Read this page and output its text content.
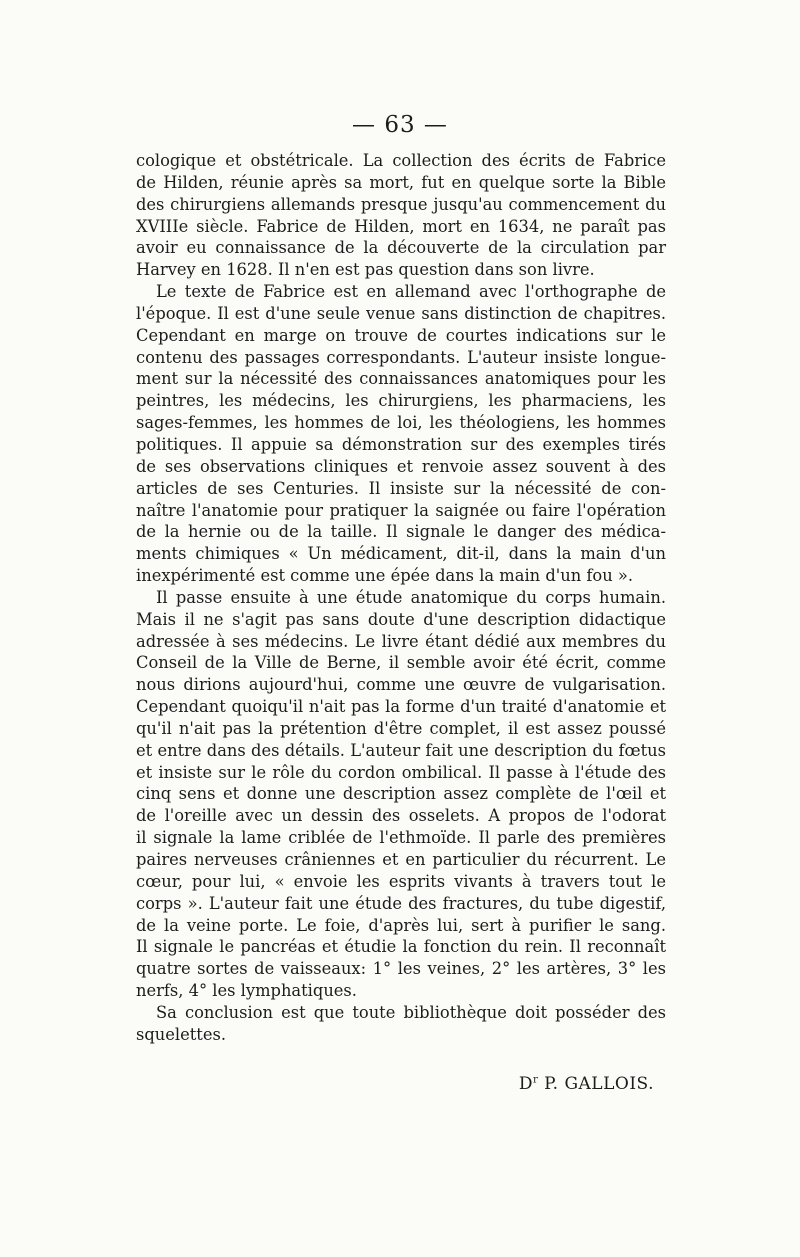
— 63 —
cologique et obstétricale. La collection des écrits de Fabrice
de Hilden, réunie après sa mort, fut en quelque sorte la Bible
des chirurgiens allemands presque jusqu'au commencement du
XVIIIe siècle. Fabrice de Hilden, mort en 1634, ne paraît pas
avoir eu connaissance de la découverte de la circulation par
Harvey en 1628. Il n'en est pas question dans son livre.
Le texte de Fabrice est en allemand avec l'orthographe de
l'époque. Il est d'une seule venue sans distinction de chapitres.
Cependant en marge on trouve de courtes indications sur le
contenu des passages correspondants. L'auteur insiste longue-
ment sur la nécessité des connaissances anatomiques pour les
peintres, les médecins, les chirurgiens, les pharmaciens, les
sages-femmes, les hommes de loi, les théologiens, les hommes
politiques. Il appuie sa démonstration sur des exemples tirés
de ses observations cliniques et renvoie assez souvent à des
articles de ses Centuries. Il insiste sur la nécessité de con-
naître l'anatomie pour pratiquer la saignée ou faire l'opération
de la hernie ou de la taille. Il signale le danger des médica-
ments chimiques « Un médicament, dit-il, dans la main d'un
inexpérimenté est comme une épée dans la main d'un fou ».
Il passe ensuite à une étude anatomique du corps humain.
Mais il ne s'agit pas sans doute d'une description didactique
adressée à ses médecins. Le livre étant dédié aux membres du
Conseil de la Ville de Berne, il semble avoir été écrit, comme
nous dirions aujourd'hui, comme une œuvre de vulgarisation.
Cependant quoiqu'il n'ait pas la forme d'un traité d'anatomie et
qu'il n'ait pas la prétention d'être complet, il est assez poussé
et entre dans des détails. L'auteur fait une description du fœtus
et insiste sur le rôle du cordon ombilical. Il passe à l'étude des
cinq sens et donne une description assez complète de l'œil et
de l'oreille avec un dessin des osselets. A propos de l'odorat
il signale la lame criblée de l'ethmoïde. Il parle des premières
paires nerveuses crâniennes et en particulier du récurrent. Le
cœur, pour lui, « envoie les esprits vivants à travers tout le
corps ». L'auteur fait une étude des fractures, du tube digestif,
de la veine porte. Le foie, d'après lui, sert à purifier le sang.
Il signale le pancréas et étudie la fonction du rein. Il reconnaît
quatre sortes de vaisseaux: 1° les veines, 2° les artères, 3° les
nerfs, 4° les lymphatiques.
Sa conclusion est que toute bibliothèque doit posséder des
squelettes.
$D^r$ P. GALLOIS.
